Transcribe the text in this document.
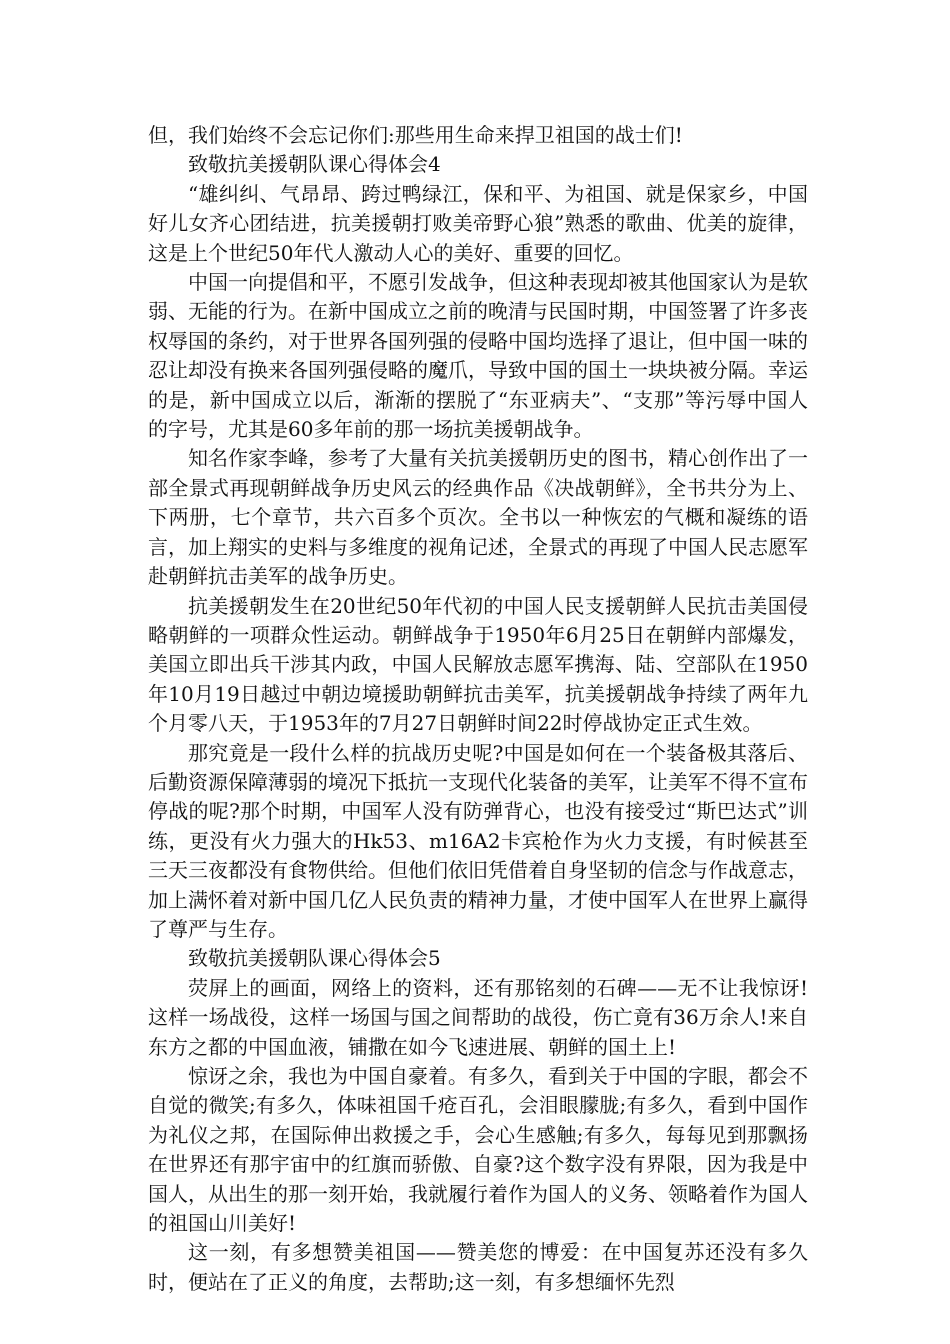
但，我们始终不会忘记你们:那些用生命来捍卫祖国的战士们!

致敬抗美援朝队课心得体会4

“雄纠纠、气昂昂、跨过鸭绿江，保和平、为祖国、就是保家乡，中国好儿女齐心团结进，抗美援朝打败美帝野心狼”熟悉的歌曲、优美的旋律，这是上个世纪50年代人激动人心的美好、重要的回忆。

中国一向提倡和平，不愿引发战争，但这种表现却被其他国家认为是软弱、无能的行为。在新中国成立之前的晚清与民国时期，中国签署了许多丧权辱国的条约，对于世界各国列强的侵略中国均选择了退让，但中国一味的忍让却没有换来各国列强侵略的魔爪，导致中国的国土一块块被分隔。幸运的是，新中国成立以后，渐渐的摆脱了“东亚病夫”、“支那”等污辱中国人的字号，尤其是60多年前的那一场抗美援朝战争。

知名作家李峰，参考了大量有关抗美援朝历史的图书，精心创作出了一部全景式再现朝鲜战争历史风云的经典作品《决战朝鲜》，全书共分为上、下两册，七个章节，共六百多个页次。全书以一种恢宏的气概和凝练的语言，加上翔实的史料与多维度的视角记述，全景式的再现了中国人民志愿军赴朝鲜抗击美军的战争历史。

抗美援朝发生在20世纪50年代初的中国人民支援朝鲜人民抗击美国侵略朝鲜的一项群众性运动。朝鲜战争于1950年6月25日在朝鲜内部爆发，美国立即出兵干涉其内政，中国人民解放志愿军携海、陆、空部队在1950年10月19日越过中朝边境援助朝鲜抗击美军，抗美援朝战争持续了两年九个月零八天，于1953年的7月27日朝鲜时间22时停战协定正式生效。

那究竟是一段什么样的抗战历史呢?中国是如何在一个装备极其落后、后勤资源保障薄弱的境况下抵抗一支现代化装备的美军，让美军不得不宣布停战的呢?那个时期，中国军人没有防弹背心，也没有接受过“斯巴达式”训练，更没有火力强大的Hk53、m16A2卡宾枪作为火力支援，有时候甚至三天三夜都没有食物供给。但他们依旧凭借着自身坚韧的信念与作战意志，加上满怀着对新中国几亿人民负责的精神力量，才使中国军人在世界上赢得了尊严与生存。

致敬抗美援朝队课心得体会5

荧屏上的画面，网络上的资料，还有那铭刻的石碑——无不让我惊讶!这样一场战役，这样一场国与国之间帮助的战役，伤亡竟有36万余人!来自东方之都的中国血液，铺撒在如今飞速进展、朝鲜的国土上!

惊讶之余，我也为中国自豪着。有多久，看到关于中国的字眼，都会不自觉的微笑;有多久，体味祖国千疮百孔，会泪眼朦胧;有多久，看到中国作为礼仪之邦，在国际伸出救援之手，会心生感触;有多久，每每见到那飘扬在世界还有那宇宙中的红旗而骄傲、自豪?这个数字没有界限，因为我是中国人，从出生的那一刻开始，我就履行着作为国人的义务、领略着作为国人的祖国山川美好!

这一刻，有多想赞美祖国——赞美您的博爱：在中国复苏还没有多久时，便站在了正义的角度，去帮助;这一刻，有多想缅怀先烈
